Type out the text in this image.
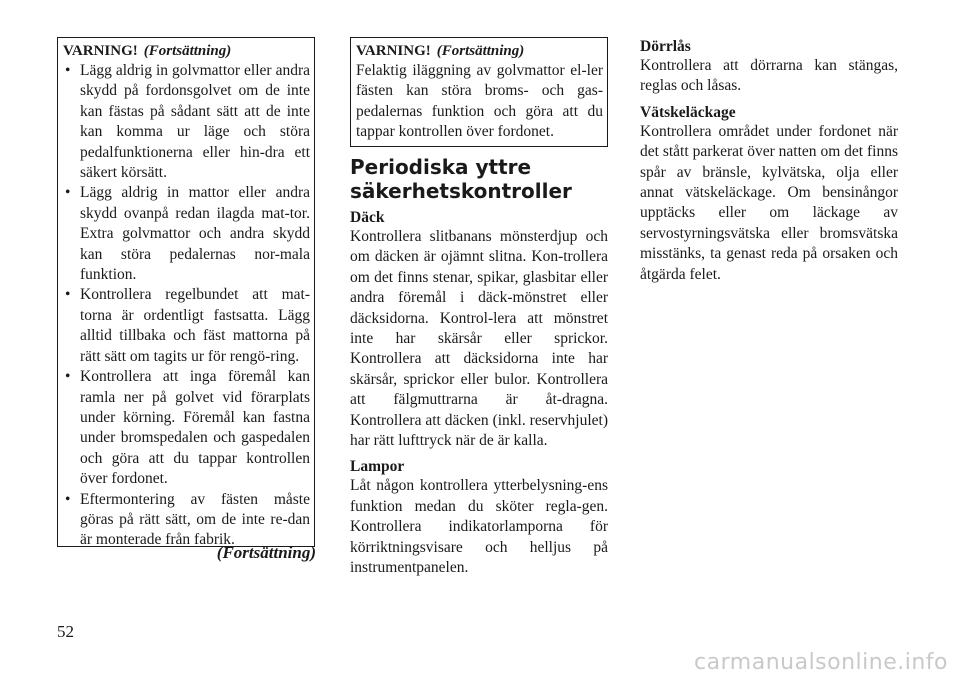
VARNING! (Fortsättning)
• Lägg aldrig in golvmattor eller andra skydd på fordonsgolvet om de inte kan fästas på sådant sätt att de inte kan komma ur läge och störa pedalfunktionerna eller hin-dra ett säkert körsätt.
• Lägg aldrig in mattor eller andra skydd ovanpå redan ilagda mat-tor. Extra golvmattor och andra skydd kan störa pedalernas nor-mala funktion.
• Kontrollera regelbundet att mat-torna är ordentligt fastsatta. Lägg alltid tillbaka och fäst mattorna på rätt sätt om tagits ur för rengö-ring.
• Kontrollera att inga föremål kan ramla ner på golvet vid förarplats under körning. Föremål kan fastna under bromspedalen och gaspedalen och göra att du tappar kontrollen över fordonet.
• Eftermontering av fästen måste göras på rätt sätt, om de inte re-dan är monterade från fabrik.
(Fortsättning)
VARNING! (Fortsättning)
Felaktig iläggning av golvmattor el-ler fästen kan störa broms- och gas-pedalernas funktion och göra att du tappar kontrollen över fordonet.
Periodiska yttre säkerhetskontroller
Däck
Kontrollera slitbanans mönsterdjup och om däcken är ojämnt slitna. Kon-trollera om det finns stenar, spikar, glasbitar eller andra föremål i däck-mönstret eller däcksidorna. Kontrol-lera att mönstret inte har skärsår eller sprickor. Kontrollera att däcksidorna inte har skärsår, sprickor eller bulor. Kontrollera att fälgmuttrarna är åt-dragna. Kontrollera att däcken (inkl. reservhjulet) har rätt lufttryck när de är kalla.
Lampor
Låt någon kontrollera ytterbelysning-ens funktion medan du sköter regla-gen. Kontrollera indikatorlamporna för körriktningsvisare och helljus på instrumentpanelen.
Dörrlås
Kontrollera att dörrarna kan stängas, reglas och låsas.
Vätskeläckage
Kontrollera området under fordonet när det stått parkerat över natten om det finns spår av bränsle, kylvätska, olja eller annat vätskeläckage. Om bensinångor upptäcks eller om läckage av servostyrningsvätska eller bromsvätska misstänks, ta genast reda på orsaken och åtgärda felet.
52
carmanualsonline.info
